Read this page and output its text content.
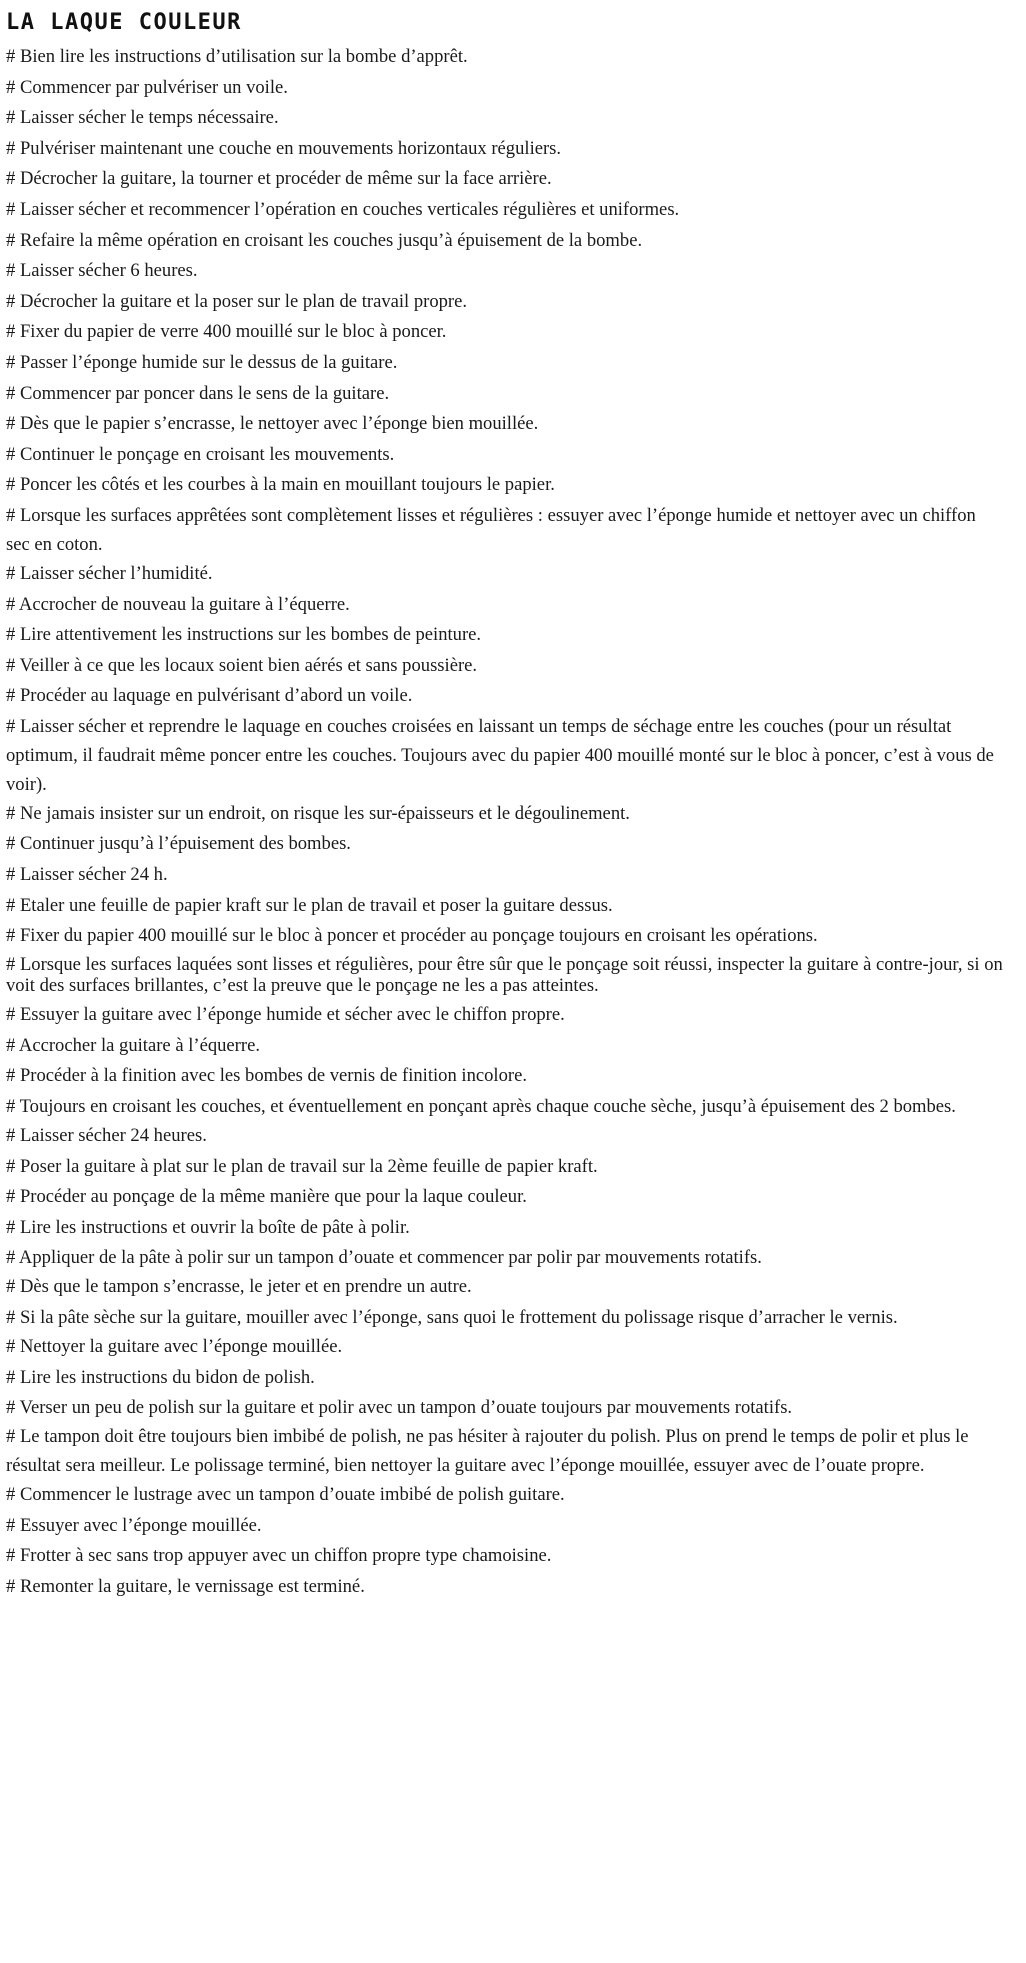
LA LAQUE COULEUR
# Bien lire les instructions d’utilisation sur la bombe d’apprêt.
# Commencer par pulvériser un voile.
# Laisser sécher le temps nécessaire.
# Pulvériser maintenant une couche en mouvements horizontaux réguliers.
# Décrocher la guitare, la tourner et procéder de même sur la face arrière.
# Laisser sécher et recommencer l’opération en couches verticales régulières et uniformes.
# Refaire la même opération en croisant les couches jusqu’à épuisement de la bombe.
# Laisser sécher 6 heures.
# Décrocher la guitare et la poser sur le plan de travail propre.
# Fixer du papier de verre 400 mouillé sur le bloc à poncer.
# Passer l’éponge humide sur le dessus de la guitare.
# Commencer par poncer dans le sens de la guitare.
# Dès que le papier s’encrasse, le nettoyer avec l’éponge bien mouillée.
# Continuer le ponçage en croisant les mouvements.
# Poncer les côtés et les courbes à la main en mouillant toujours le papier.
# Lorsque les surfaces apprêtées sont complètement lisses et régulières : essuyer avec l’éponge humide et nettoyer avec un chiffon sec en coton.
# Laisser sécher l’humidité.
# Accrocher de nouveau la guitare à l’équerre.
# Lire attentivement les instructions sur les bombes de peinture.
# Veiller à ce que les locaux soient bien aérés et sans poussière.
# Procéder au laquage en pulvérisant d’abord un voile.
# Laisser sécher et reprendre le laquage en couches croisées en laissant un temps de séchage entre les couches (pour un résultat optimum, il faudrait même poncer entre les couches. Toujours avec du papier 400 mouillé monté sur le bloc à poncer, c’est à vous de voir).
# Ne jamais insister sur un endroit, on risque les sur-épaisseurs et le dégoulinement.
# Continuer jusqu’à l’épuisement des bombes.
# Laisser sécher 24 h.
# Etaler une feuille de papier kraft sur le plan de travail et poser la guitare dessus.
# Fixer du papier 400 mouillé sur le bloc à poncer et procéder au ponçage toujours en croisant les opérations.
# Lorsque les surfaces laquées sont lisses et régulières, pour être sûr que le ponçage soit réussi, inspecter la guitare à contre-jour, si on voit des surfaces brillantes, c’est la preuve que le ponçage ne les a pas atteintes.
# Essuyer la guitare avec l’éponge humide et sécher avec le chiffon propre.
# Accrocher la guitare à l’équerre.
# Procéder à la finition avec les bombes de vernis de finition incolore.
# Toujours en croisant les couches, et éventuellement en ponçant après chaque couche sèche, jusqu’à épuisement des 2 bombes.
# Laisser sécher 24 heures.
# Poser la guitare à plat sur le plan de travail sur la 2ème feuille de papier kraft.
# Procéder au ponçage de la même manière que pour la laque couleur.
# Lire les instructions et ouvrir la boîte de pâte à polir.
# Appliquer de la pâte à polir sur un tampon d’ouate et commencer par polir par mouvements rotatifs.
# Dès que le tampon s’encrasse, le jeter et en prendre un autre.
# Si la pâte sèche sur la guitare, mouiller avec l’éponge, sans quoi le frottement du polissage risque d’arracher le vernis.
# Nettoyer la guitare avec l’éponge mouillée.
# Lire les instructions du bidon de polish.
# Verser un peu de polish sur la guitare et polir avec un tampon d’ouate toujours par mouvements rotatifs.
# Le tampon doit être toujours bien imbibé de polish, ne pas hésiter à rajouter du polish. Plus on prend le temps de polir et plus le résultat sera meilleur. Le polissage terminé, bien nettoyer la guitare avec l’éponge mouillée, essuyer avec de l’ouate propre.
# Commencer le lustrage avec un tampon d’ouate imbibé de polish guitare.
# Essuyer avec l’éponge mouillée.
# Frotter à sec sans trop appuyer avec un chiffon propre type chamoisine.
# Remonter la guitare, le vernissage est terminé.
